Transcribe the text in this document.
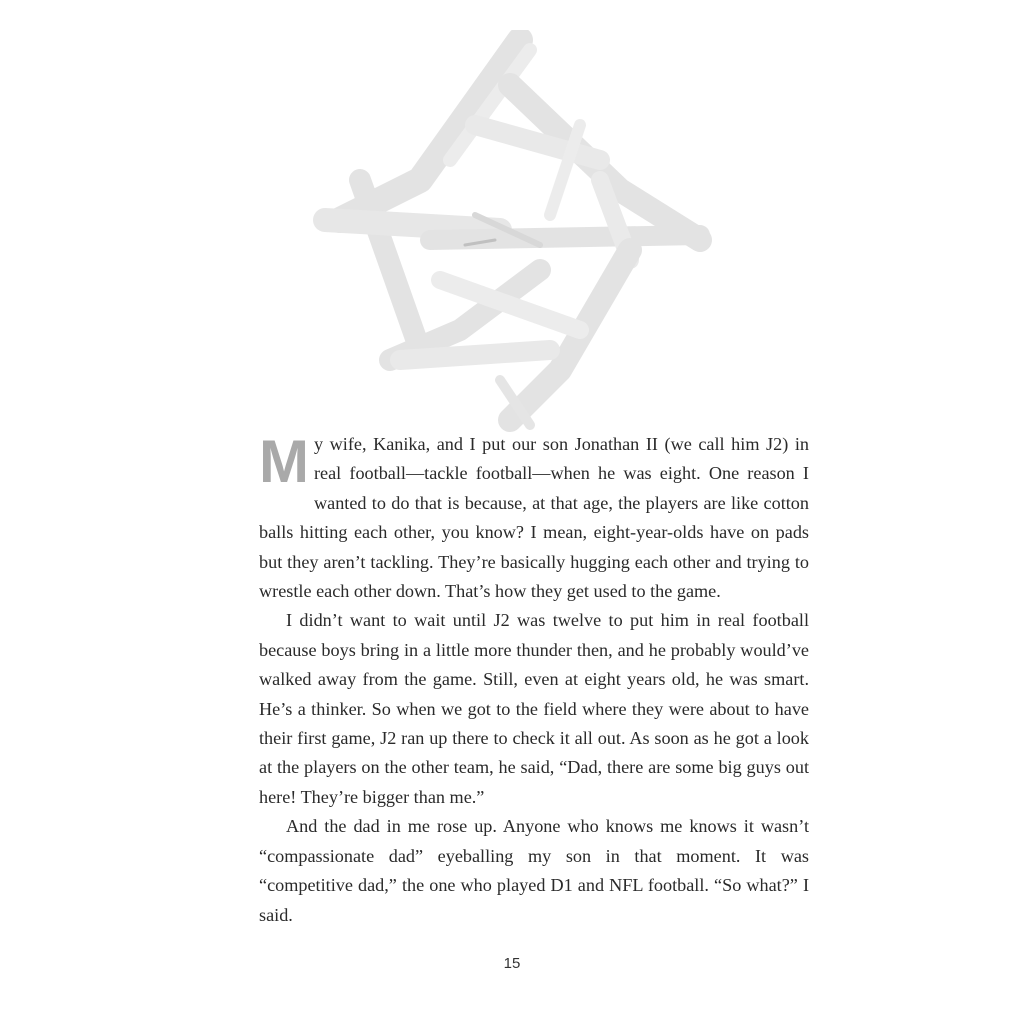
My wife, Kanika, and I put our son Jonathan II (we call him J2) in real football—tackle football—when he was eight. One reason I wanted to do that is because, at that age, the players are like cotton balls hitting each other, you know? I mean, eight-year-olds have on pads but they aren’t tackling. They’re basically hugging each other and trying to wrestle each other down. That’s how they get used to the game.

I didn’t want to wait until J2 was twelve to put him in real football because boys bring in a little more thunder then, and he probably would’ve walked away from the game. Still, even at eight years old, he was smart. He’s a thinker. So when we got to the field where they were about to have their first game, J2 ran up there to check it all out. As soon as he got a look at the players on the other team, he said, “Dad, there are some big guys out here! They’re bigger than me.”

And the dad in me rose up. Anyone who knows me knows it wasn’t “compassionate dad” eyeballing my son in that moment. It was “competitive dad,” the one who played D1 and NFL football. “So what?” I said.

15
